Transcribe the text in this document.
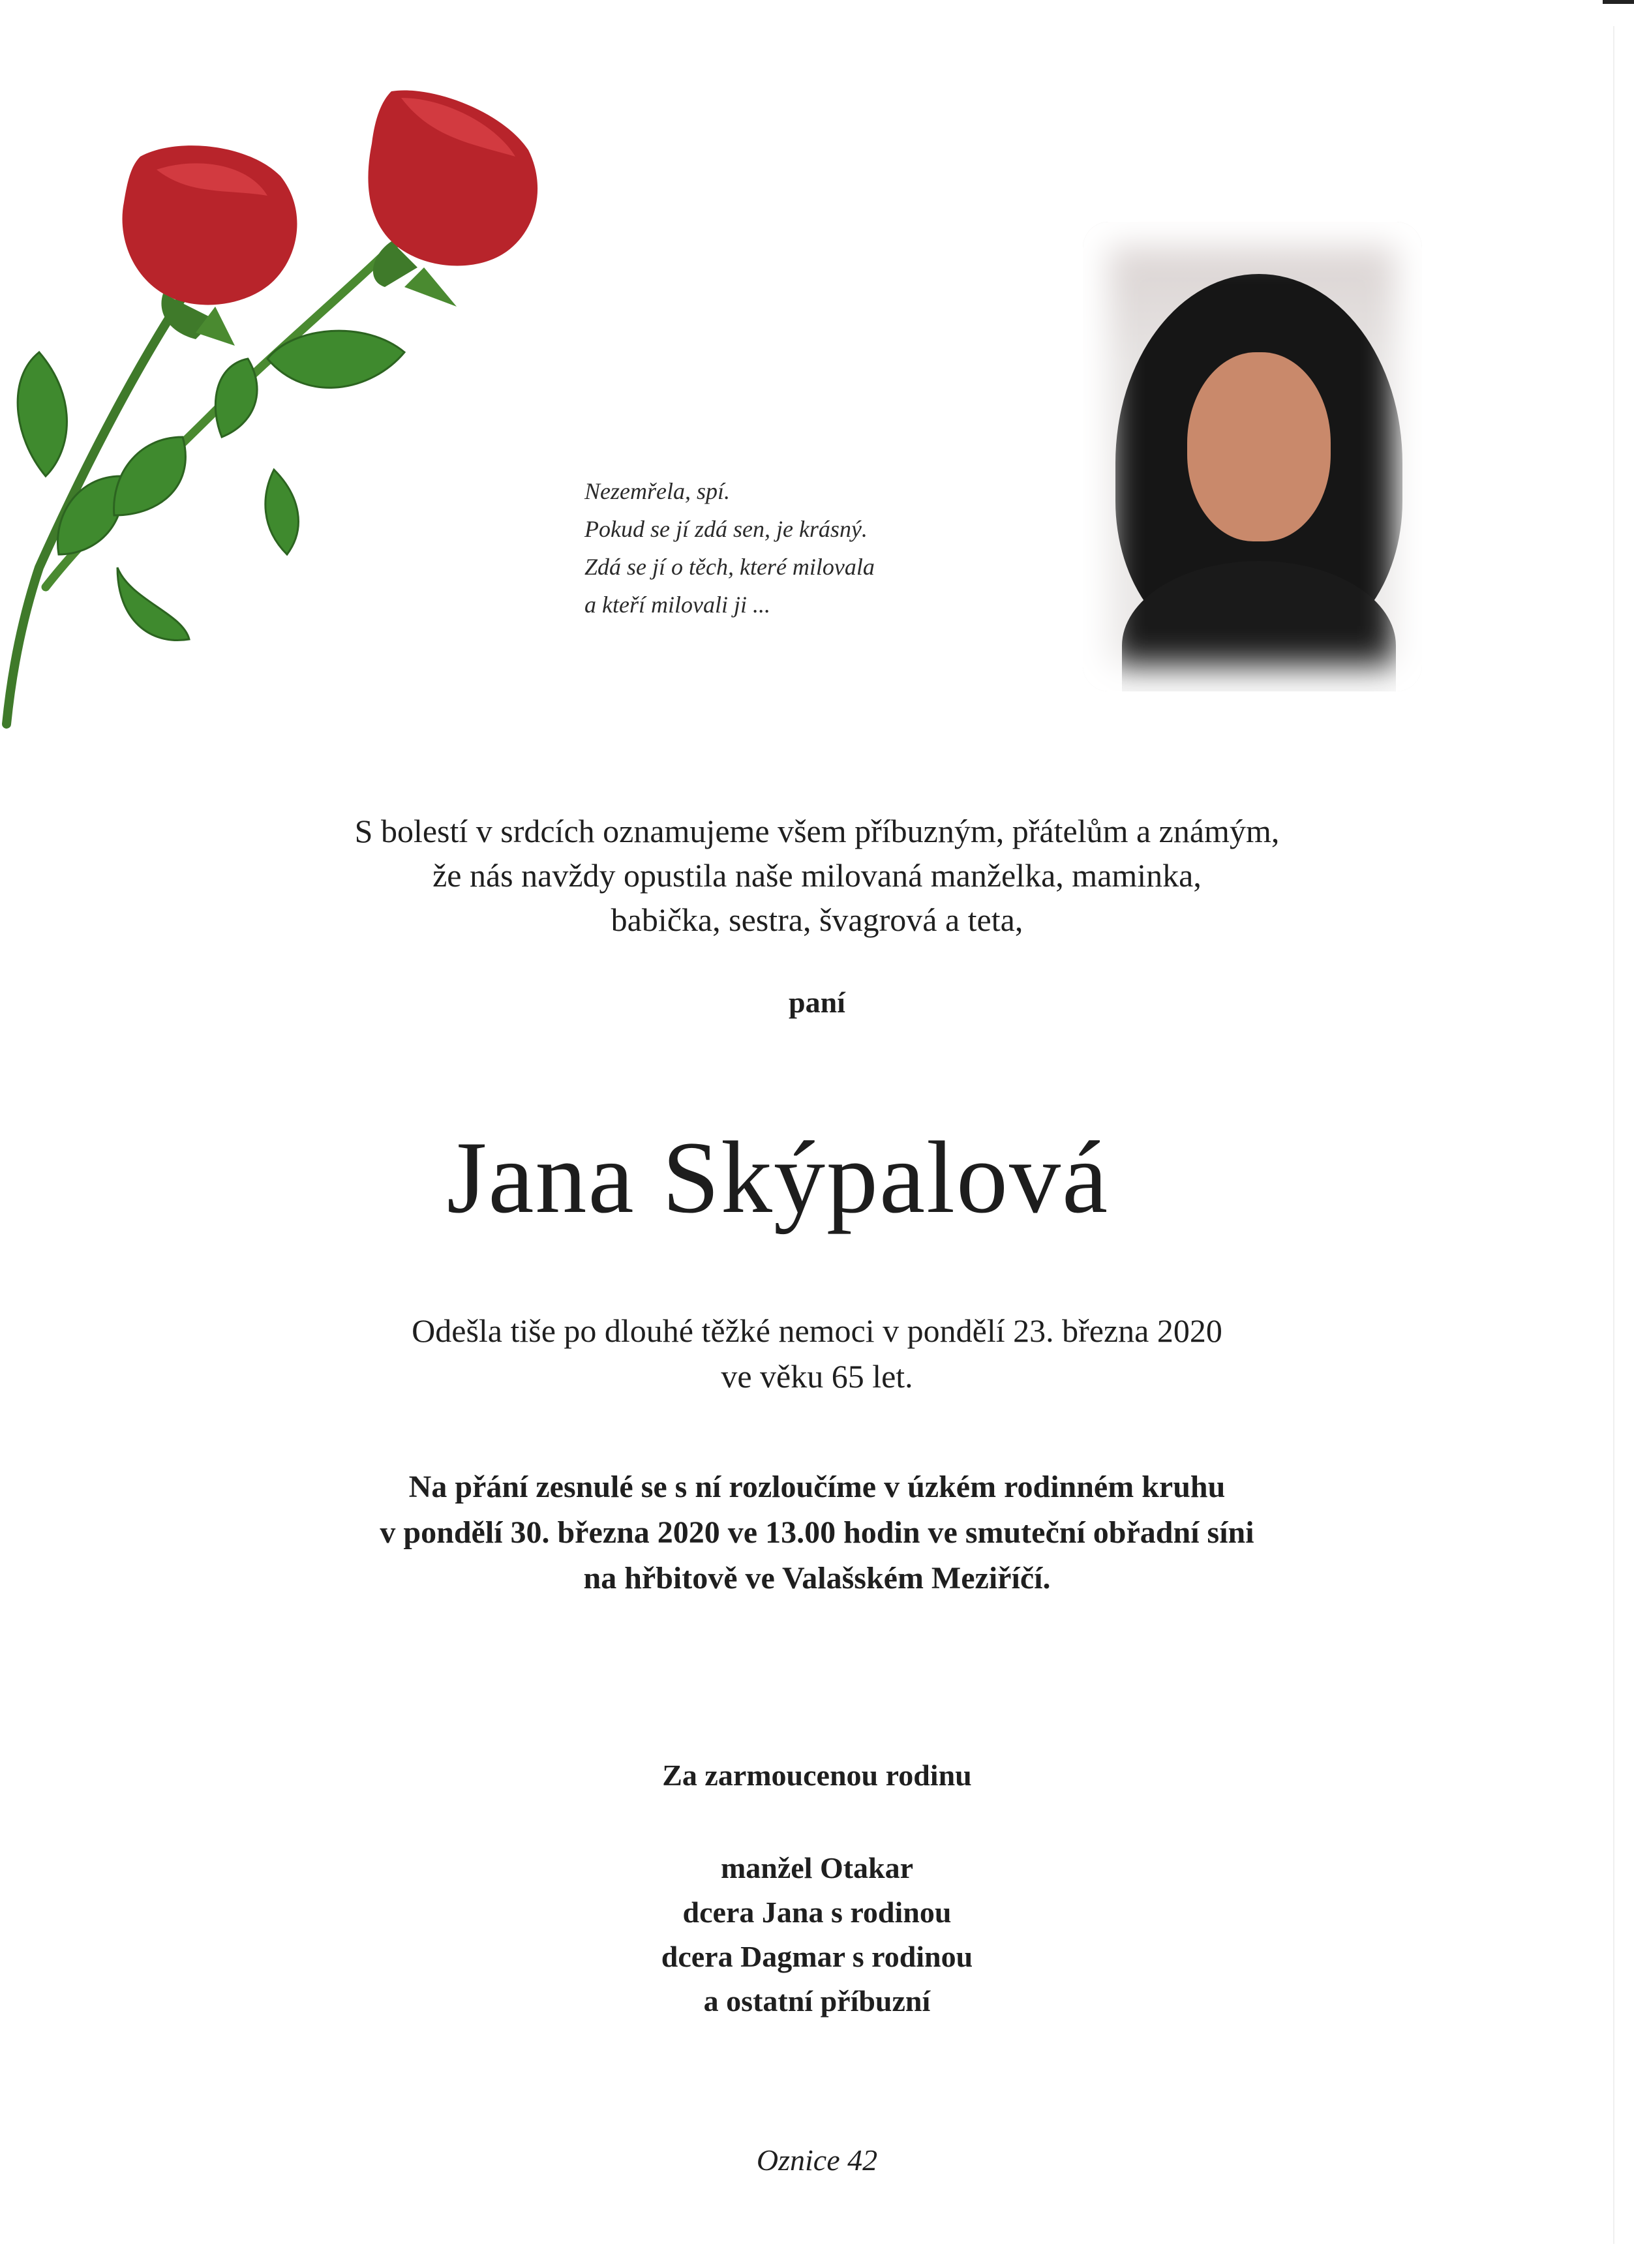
Nezemřela, spí.
Pokud se jí zdá sen, je krásný.
Zdá se jí o těch, které milovala
a kteří milovali ji ...
S bolestí v srdcích oznamujeme všem příbuzným, přátelům a známým,
že nás navždy opustila naše milovaná manželka, maminka,
babička, sestra, švagrová a teta,
paní
Jana Skýpalová
Odešla tiše po dlouhé těžké nemoci v pondělí 23. března 2020
ve věku 65 let.
Na přání zesnulé se s ní rozloučíme v úzkém rodinném kruhu
v pondělí 30. března 2020 ve 13.00 hodin ve smuteční obřadní síni
na hřbitově ve Valašském Meziříčí.
Za zarmoucenou rodinu
manžel Otakar
dcera Jana s rodinou
dcera Dagmar s rodinou
a ostatní příbuzní
Oznice 42
